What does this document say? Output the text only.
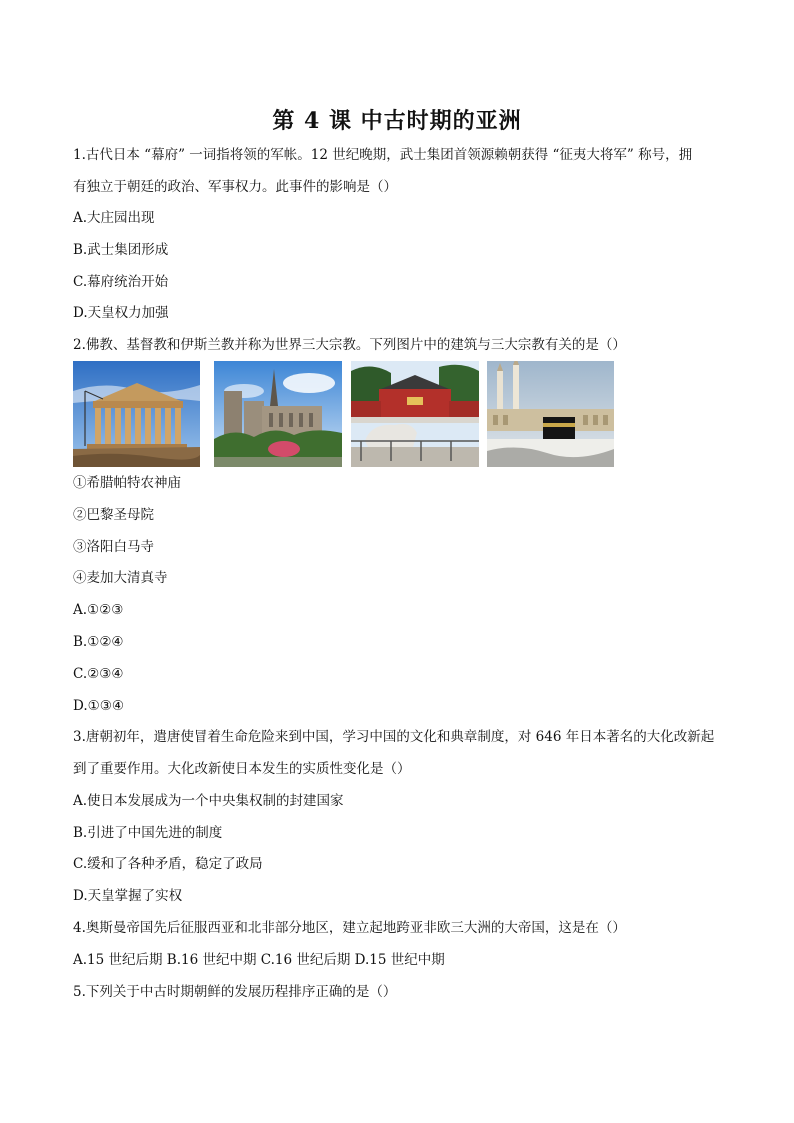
第 4 课 中古时期的亚洲
1.古代日本 “幕府” 一词指将领的军帐。12 世纪晚期，武士集团首领源赖朝获得 “征夷大将军” 称号，拥
有独立于朝廷的政治、军事权力。此事件的影响是（）
A.大庄园出现
B.武士集团形成
C.幕府统治开始
D.天皇权力加强
2.佛教、基督教和伊斯兰教并称为世界三大宗教。下列图片中的建筑与三大宗教有关的是（）
①希腊帕特农神庙
②巴黎圣母院
③洛阳白马寺
④麦加大清真寺
A.①②③
B.①②④
C.②③④
D.①③④
3.唐朝初年，遣唐使冒着生命危险来到中国，学习中国的文化和典章制度，对 646 年日本著名的大化改新起
到了重要作用。大化改新使日本发生的实质性变化是（）
A.使日本发展成为一个中央集权制的封建国家
B.引进了中国先进的制度
C.缓和了各种矛盾，稳定了政局
D.天皇掌握了实权
4.奥斯曼帝国先后征服西亚和北非部分地区，建立起地跨亚非欧三大洲的大帝国，这是在（）
A.15 世纪后期 B.16 世纪中期 C.16 世纪后期 D.15 世纪中期
5.下列关于中古时期朝鲜的发展历程排序正确的是（）
